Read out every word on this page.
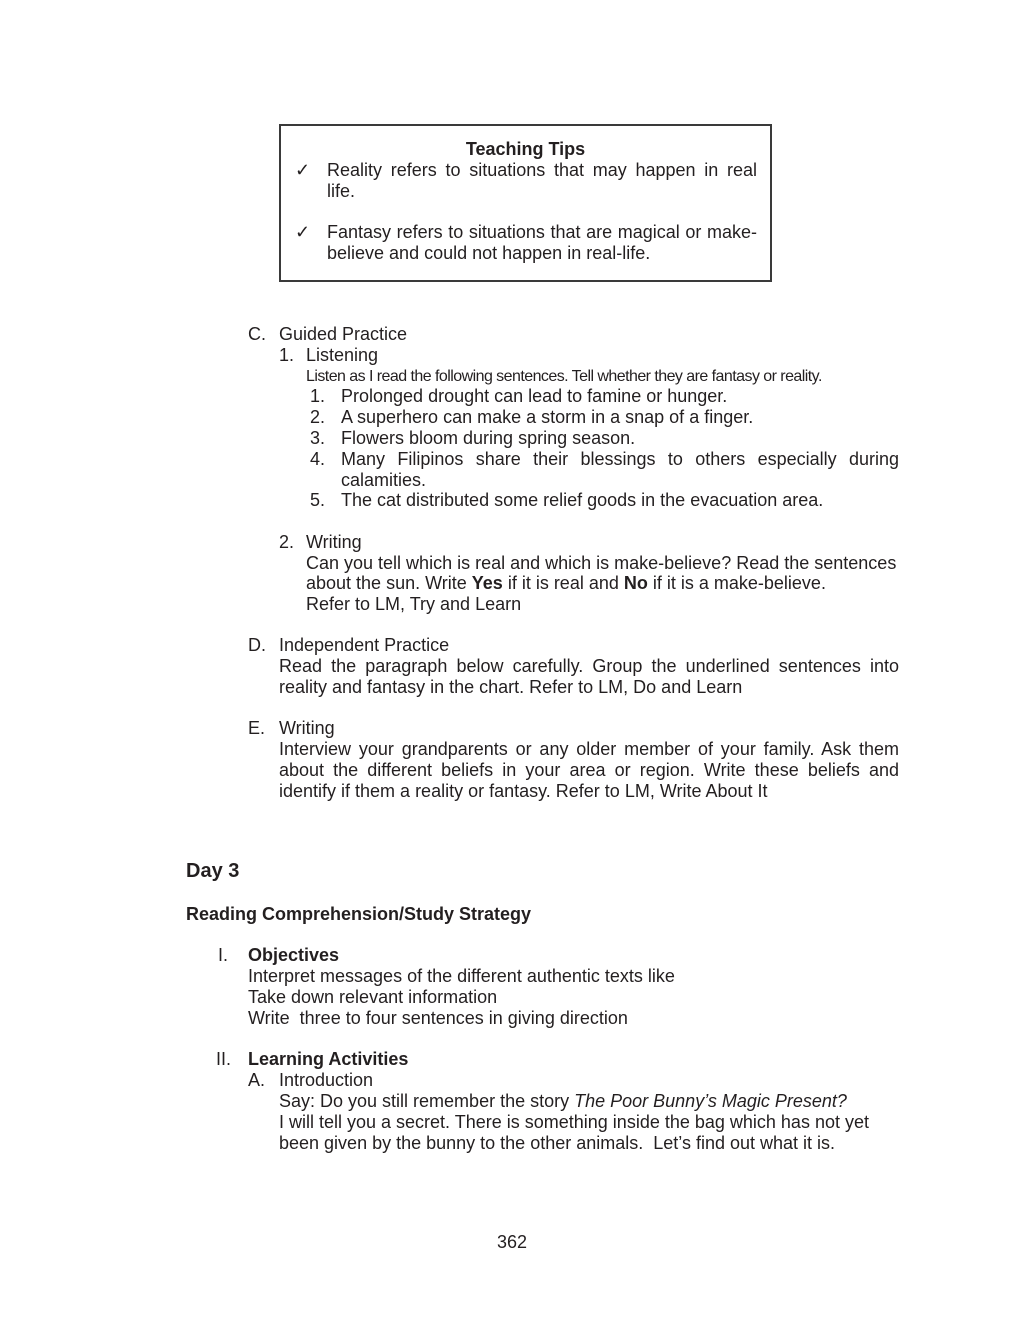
Teaching Tips
✓ Reality refers to situations that may happen in real life.
✓ Fantasy refers to situations that are magical or make-believe and could not happen in real-life.
C. Guided Practice
1. Listening
Listen as I read the following sentences. Tell whether they are fantasy or reality.
1. Prolonged drought can lead to famine or hunger.
2. A superhero can make a storm in a snap of a finger.
3. Flowers bloom during spring season.
4. Many Filipinos share their blessings to others especially during calamities.
5. The cat distributed some relief goods in the evacuation area.
2. Writing
Can you tell which is real and which is make-believe? Read the sentences
about the sun. Write Yes if it is real and No if it is a make-believe.
Refer to LM, Try and Learn
D. Independent Practice
Read the paragraph below carefully. Group the underlined sentences into reality and fantasy in the chart. Refer to LM, Do and Learn
E. Writing
Interview your grandparents or any older member of your family. Ask them about the different beliefs in your area or region. Write these beliefs and identify if them a reality or fantasy. Refer to LM, Write About It
Day 3
Reading Comprehension/Study Strategy
I. Objectives
Interpret messages of the different authentic texts like
Take down relevant information
Write  three to four sentences in giving direction
II. Learning Activities
A. Introduction
Say: Do you still remember the story The Poor Bunny’s Magic Present?
I will tell you a secret. There is something inside the bag which has not yet
been given by the bunny to the other animals.  Let’s find out what it is.
362
